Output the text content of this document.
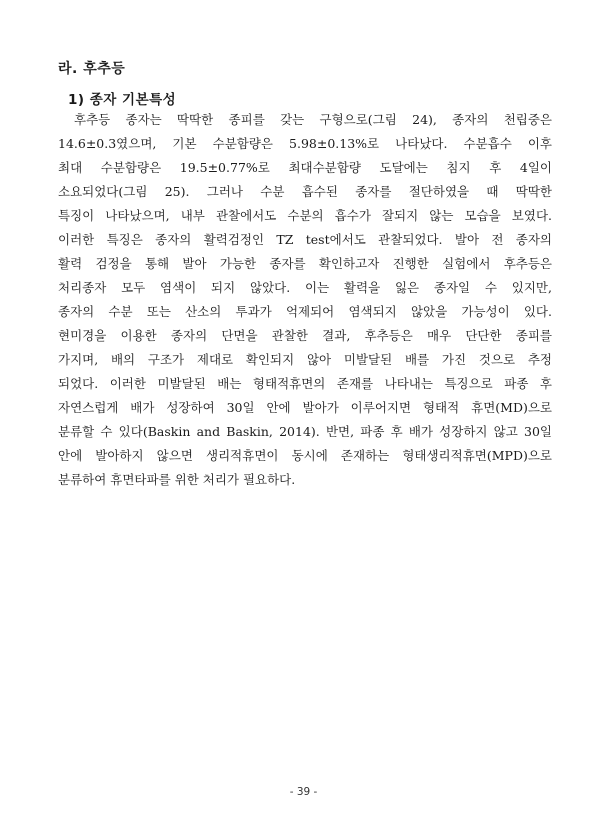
라. 후추등
1) 종자 기본특성
후추등 종자는 딱딱한 종피를 갖는 구형으로(그림 24), 종자의 천립중은
14.6±0.3였으며, 기본 수분함량은 5.98±0.13%로 나타났다. 수분흡수 이후
최대 수분함량은 19.5±0.77%로 최대수분함량 도달에는 침지 후 4일이
소요되었다(그림 25). 그러나 수분 흡수된 종자를 절단하였을 때 딱딱한
특징이 나타났으며, 내부 관찰에서도 수분의 흡수가 잘되지 않는 모습을 보였다.
이러한 특징은 종자의 활력검정인 TZ test에서도 관찰되었다. 발아 전 종자의
활력 검정을 통해 발아 가능한 종자를 확인하고자 진행한 실험에서 후추등은
처리종자 모두 염색이 되지 않았다. 이는 활력을 잃은 종자일 수 있지만,
종자의 수분 또는 산소의 투과가 억제되어 염색되지 않았을 가능성이 있다.
현미경을 이용한 종자의 단면을 관찰한 결과, 후추등은 매우 단단한 종피를
가지며, 배의 구조가 제대로 확인되지 않아 미발달된 배를 가진 것으로 추정
되었다. 이러한 미발달된 배는 형태적휴면의 존재를 나타내는 특징으로 파종 후
자연스럽게 배가 성장하여 30일 안에 발아가 이루어지면 형태적 휴면(MD)으로
분류할 수 있다(Baskin and Baskin, 2014). 반면, 파종 후 배가 성장하지 않고 30일
안에 발아하지 않으면 생리적휴면이 동시에 존재하는 형태생리적휴면(MPD)으로
분류하여 휴면타파를 위한 처리가 필요하다.

- 39 -
